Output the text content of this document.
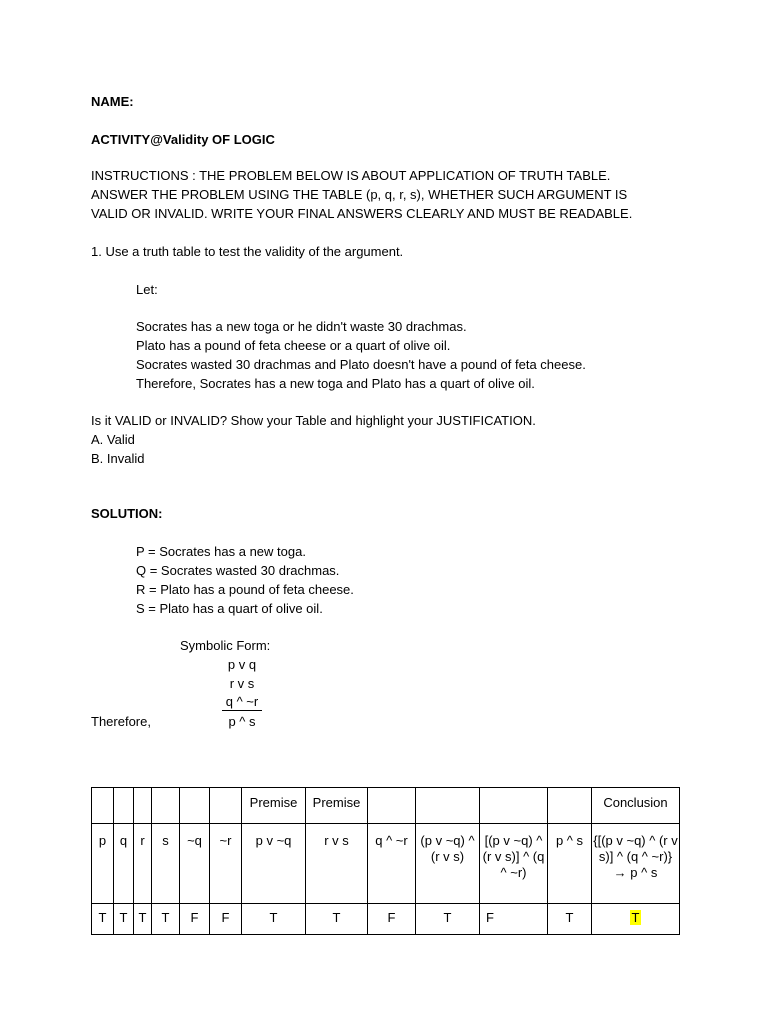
NAME:
ACTIVITY@Validity OF LOGIC
INSTRUCTIONS : THE PROBLEM BELOW IS ABOUT APPLICATION OF TRUTH TABLE.
ANSWER THE PROBLEM USING THE TABLE (p, q, r, s), WHETHER SUCH ARGUMENT IS
VALID OR INVALID. WRITE YOUR FINAL ANSWERS CLEARLY AND MUST BE READABLE.
1. Use a truth table to test the validity of the argument.
Let:
Socrates has a new toga or he didn't waste 30 drachmas.
Plato has a pound of feta cheese or a quart of olive oil.
Socrates wasted 30 drachmas and Plato doesn't have a pound of feta cheese.
Therefore, Socrates has a new toga and Plato has a quart of olive oil.
Is it VALID or INVALID? Show your Table and highlight your JUSTIFICATION.
A. Valid
B. Invalid
SOLUTION:
P = Socrates has a new toga.
Q = Socrates wasted 30 drachmas.
R = Plato has a pound of feta cheese.
S = Plato has a quart of olive oil.
Symbolic Form:
p v q
r v s
q ^ ~r
Therefore,	p ^ s
						Premise	Premise					Conclusion
p	q	r	s	~q	~r	p v ~q	r v s	q ^ ~r	(p v ~q) ^ (r v s)	[(p v ~q) ^ (r v s)] ^ (q ^ ~r)	p ^ s	{[(p v ~q) ^ (r v s)] ^ (q ^ ~r)} → p ^ s
T	T	T	T	F	F	T	T	F	T	F	T	T
